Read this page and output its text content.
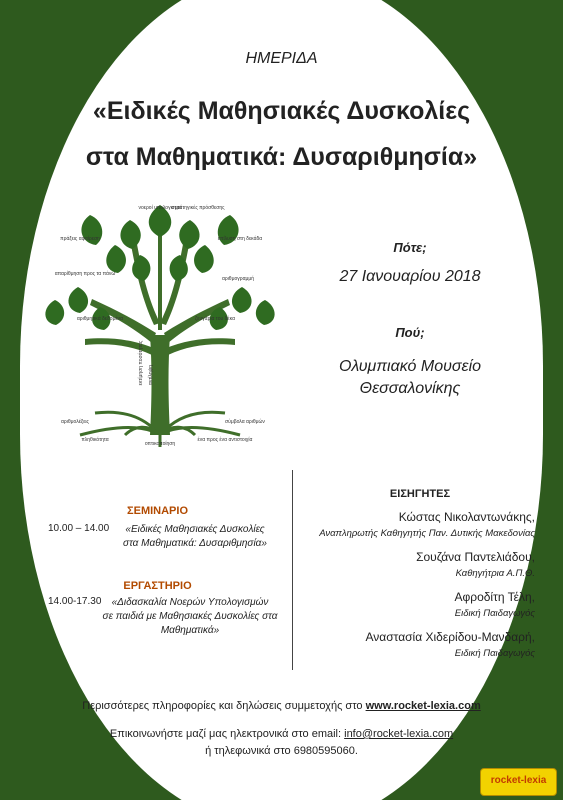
ΗΜΕΡΙΔΑ
«Ειδικές Μαθησιακές Δυσκολίες
στα Μαθηματικά: Δυσαριθμησία»
νοεροί υπολογισμοί
στρατηγικές πρόσθεσης
πράξεις αφαίρεση	επίλυση στη δεκάδα
απαρίθμηση προς τα πάνω
αριθμογραμμή
αριθμητικά δεδομένα	ζευγάρια του δέκα
εκτίμηση ποσότητας αντίληψη
αριθμολέξεις	σύμβολα αριθμών
πληθικότητα
οπτικοποίηση
ένα προς ένα αντιστοιχία
Πότε;
27 Ιανουαρίου 2018
Πού;
Ολυμπιακό Μουσείο
Θεσσαλονίκης
ΣΕΜΙΝΑΡΙΟ
10.00 – 14.00	«Ειδικές Μαθησιακές Δυσκολίες
στα Μαθηματικά: Δυσαριθμησία»
ΕΡΓΑΣΤΗΡΙΟ
14.00-17.30	«Διδασκαλία Νοερών Υπολογισμών
σε παιδιά με Μαθησιακές Δυσκολίες στα
Μαθηματικά»
ΕΙΣΗΓΗΤΕΣ
Κώστας Νικολαντωνάκης,
Αναπληρωτής Καθηγητής Παν. Δυτικής Μακεδονίας
Σουζάνα Παντελιάδου,
Καθηγήτρια Α.Π.Θ.
Αφροδίτη Τέλη,
Ειδική Παιδαγωγός
Αναστασία Χιδερίδου-Μανδαρή,
Ειδική Παιδαγωγός
Περισσότερες πληροφορίες και δηλώσεις συμμετοχής στο www.rocket-lexia.com
Επικοινωνήστε μαζί μας ηλεκτρονικά στο email: info@rocket-lexia.com
ή τηλεφωνικά στο 6980595060.
rocket-lexia
